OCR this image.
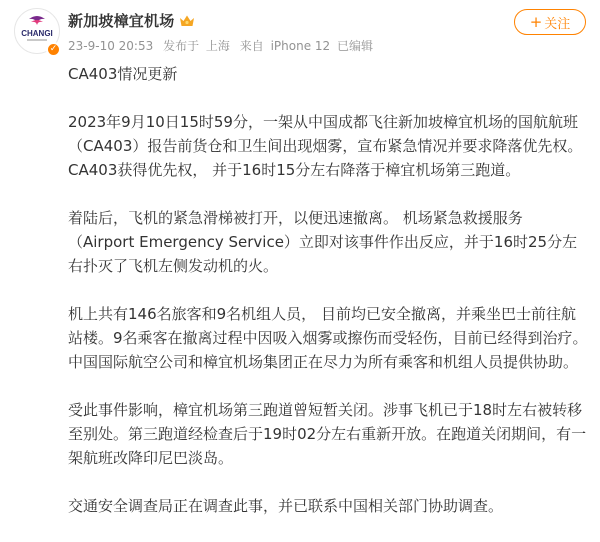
CHANGI
✓
新加坡樟宜机场
23-9-10 20:53 发布于 上海 来自 iPhone 12 已编辑
+ 关注

CA403情况更新

2023年9月10日15时59分，一架从中国成都飞往新加坡樟宜机场的国航航班（CA403）报告前货仓和卫生间出现烟雾，宣布紧急情况并要求降落优先权。CA403获得优先权， 并于16时15分左右降落于樟宜机场第三跑道。

着陆后，飞机的紧急滑梯被打开，以便迅速撤离。 机场紧急救援服务（Airport Emergency Service）立即对该事件作出反应，并于16时25分左右扑灭了飞机左侧发动机的火。

机上共有146名旅客和9名机组人员， 目前均已安全撤离，并乘坐巴士前往航站楼。9名乘客在撤离过程中因吸入烟雾或擦伤而受轻伤，目前已经得到治疗。中国国际航空公司和樟宜机场集团正在尽力为所有乘客和机组人员提供协助。

受此事件影响，樟宜机场第三跑道曾短暂关闭。涉事飞机已于18时左右被转移至别处。第三跑道经检查后于19时02分左右重新开放。在跑道关闭期间，有一架航班改降印尼巴淡岛。

交通安全调查局正在调查此事，并已联系中国相关部门协助调查。
